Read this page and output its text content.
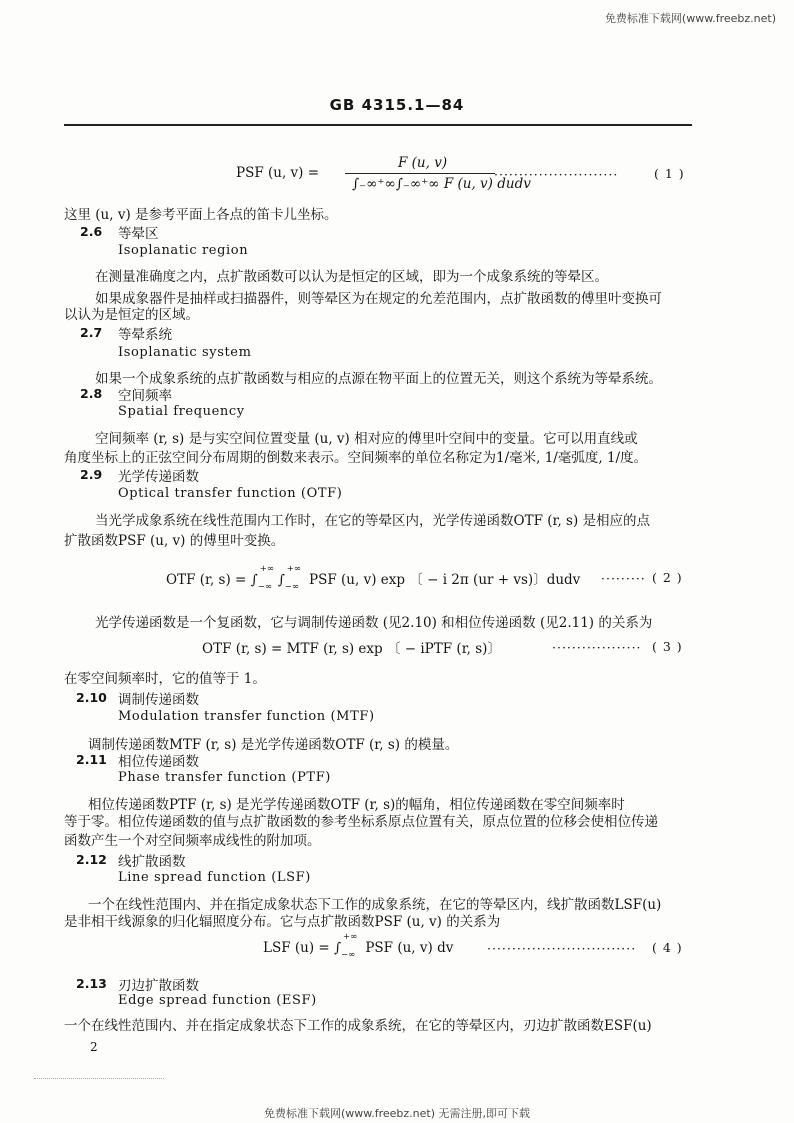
免费标准下载网(www.freebz.net)
GB 4315.1—84
PSF (u, v) =
F (u, v)
∫₋∞⁺∞∫₋∞⁺∞ F (u, v) dudv
·························	( 1 )
这里 (u, v) 是参考平面上各点的笛卡儿坐标。
2.6 等晕区
Isoplanatic region
在测量准确度之内，点扩散函数可以认为是恒定的区域，即为一个成象系统的等晕区。
如果成象器件是抽样或扫描器件，则等晕区为在规定的允差范围内，点扩散函数的傅里叶变换可
以认为是恒定的区域。
2.7 等晕系统
Isoplanatic system
如果一个成象系统的点扩散函数与相应的点源在物平面上的位置无关，则这个系统为等晕系统。
2.8 空间频率
Spatial frequency
空间频率 (r, s) 是与实空间位置变量 (u, v) 相对应的傅里叶空间中的变量。它可以用直线或
角度坐标上的正弦空间分布周期的倒数来表示。空间频率的单位名称定为1/毫米, 1/毫弧度, 1/度。
2.9 光学传递函数
Optical transfer function (OTF)
当光学成象系统在线性范围内工作时，在它的等晕区内，光学传递函数OTF (r, s) 是相应的点
扩散函数PSF (u, v) 的傅里叶变换。
OTF (r, s) = ∫
+∞
−∞ ∫
+∞
−∞ PSF (u, v) exp 〔 − i 2π (ur + vs)〕dudv ········· ( 2 )
光学传递函数是一个复函数，它与调制传递函数 (见2.10) 和相位传递函数 (见2.11) 的关系为
OTF (r, s) = MTF (r, s) exp 〔 − iPTF (r, s)〕	·················· ( 3 )
在零空间频率时，它的值等于 1。
2.10 调制传递函数
Modulation transfer function (MTF)
调制传递函数MTF (r, s) 是光学传递函数OTF (r, s) 的模量。
2.11 相位传递函数
Phase transfer function (PTF)
相位传递函数PTF (r, s) 是光学传递函数OTF (r, s)的幅角，相位传递函数在零空间频率时
等于零。相位传递函数的值与点扩散函数的参考坐标系原点位置有关，原点位置的位移会使相位传递
函数产生一个对空间频率成线性的附加项。
2.12 线扩散函数
Line spread function (LSF)
一个在线性范围内、并在指定成象状态下工作的成象系统，在它的等晕区内，线扩散函数LSF(u)
是非相干线源象的归化辐照度分布。它与点扩散函数PSF (u, v) 的关系为
LSF (u) = ∫
+∞
−∞ PSF (u, v) dv	······························ ( 4 )
2.13 刃边扩散函数
Edge spread function (ESF)
一个在线性范围内、并在指定成象状态下工作的成象系统，在它的等晕区内，刃边扩散函数ESF(u)
2
免费标准下载网(www.freebz.net) 无需注册,即可下载
